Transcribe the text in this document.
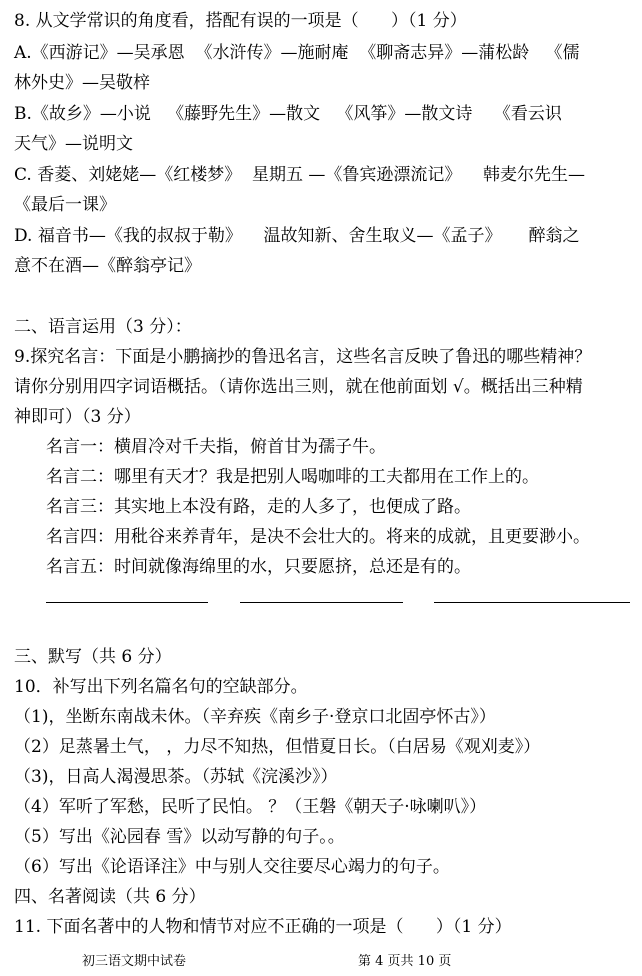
8. 从文学常识的角度看，搭配有误的一项是（      ）（1 分）
A.《西游记》—吴承恩  《水浒传》—施耐庵  《聊斋志异》—蒲松龄   《儒
林外史》—吴敬梓
B.《故乡》—小说   《藤野先生》—散文   《风筝》—散文诗    《看云识
天气》—说明文
C. 香菱、刘姥姥—《红楼梦》  星期五 —《鲁宾逊漂流记》    韩麦尔先生—
《最后一课》
D. 福音书—《我的叔叔于勒》    温故知新、舍生取义—《孟子》     醉翁之
意不在酒—《醉翁亭记》
二、语言运用（3 分）：
9.探究名言：下面是小鹏摘抄的鲁迅名言，这些名言反映了鲁迅的哪些精神？
请你分别用四字词语概括。（请你选出三则，就在他前面划 √。概括出三种精
神即可）（3 分）
名言一：横眉冷对千夫指，俯首甘为孺子牛。
名言二：哪里有天才？我是把别人喝咖啡的工夫都用在工作上的。
名言三：其实地上本没有路，走的人多了，也便成了路。
名言四：用秕谷来养青年，是决不会壮大的。将来的成就，且更要渺小。
名言五：时间就像海绵里的水，只要愿挤，总还是有的。
三、默写（共 6 分）
10．补写出下列名篇名句的空缺部分。
（1)，坐断东南战未休。（辛弃疾《南乡子·登京口北固亭怀古》）
（2）足蒸暑土气， ，力尽不知热，但惜夏日长。（白居易《观刈麦》）
（3)，日高人渴漫思茶。（苏轼《浣溪沙》）
（4）军听了军愁，民听了民怕。 ？（王磐《朝天子·咏喇叭》）
（5）写出《沁园春 雪》以动写静的句子。。
（6）写出《论语译注》中与别人交往要尽心竭力的句子。
四、名著阅读（共 6 分）
11. 下面名著中的人物和情节对应不正确的一项是（      ）（1 分）
初三语文期中试卷	第 4 页共 10 页
